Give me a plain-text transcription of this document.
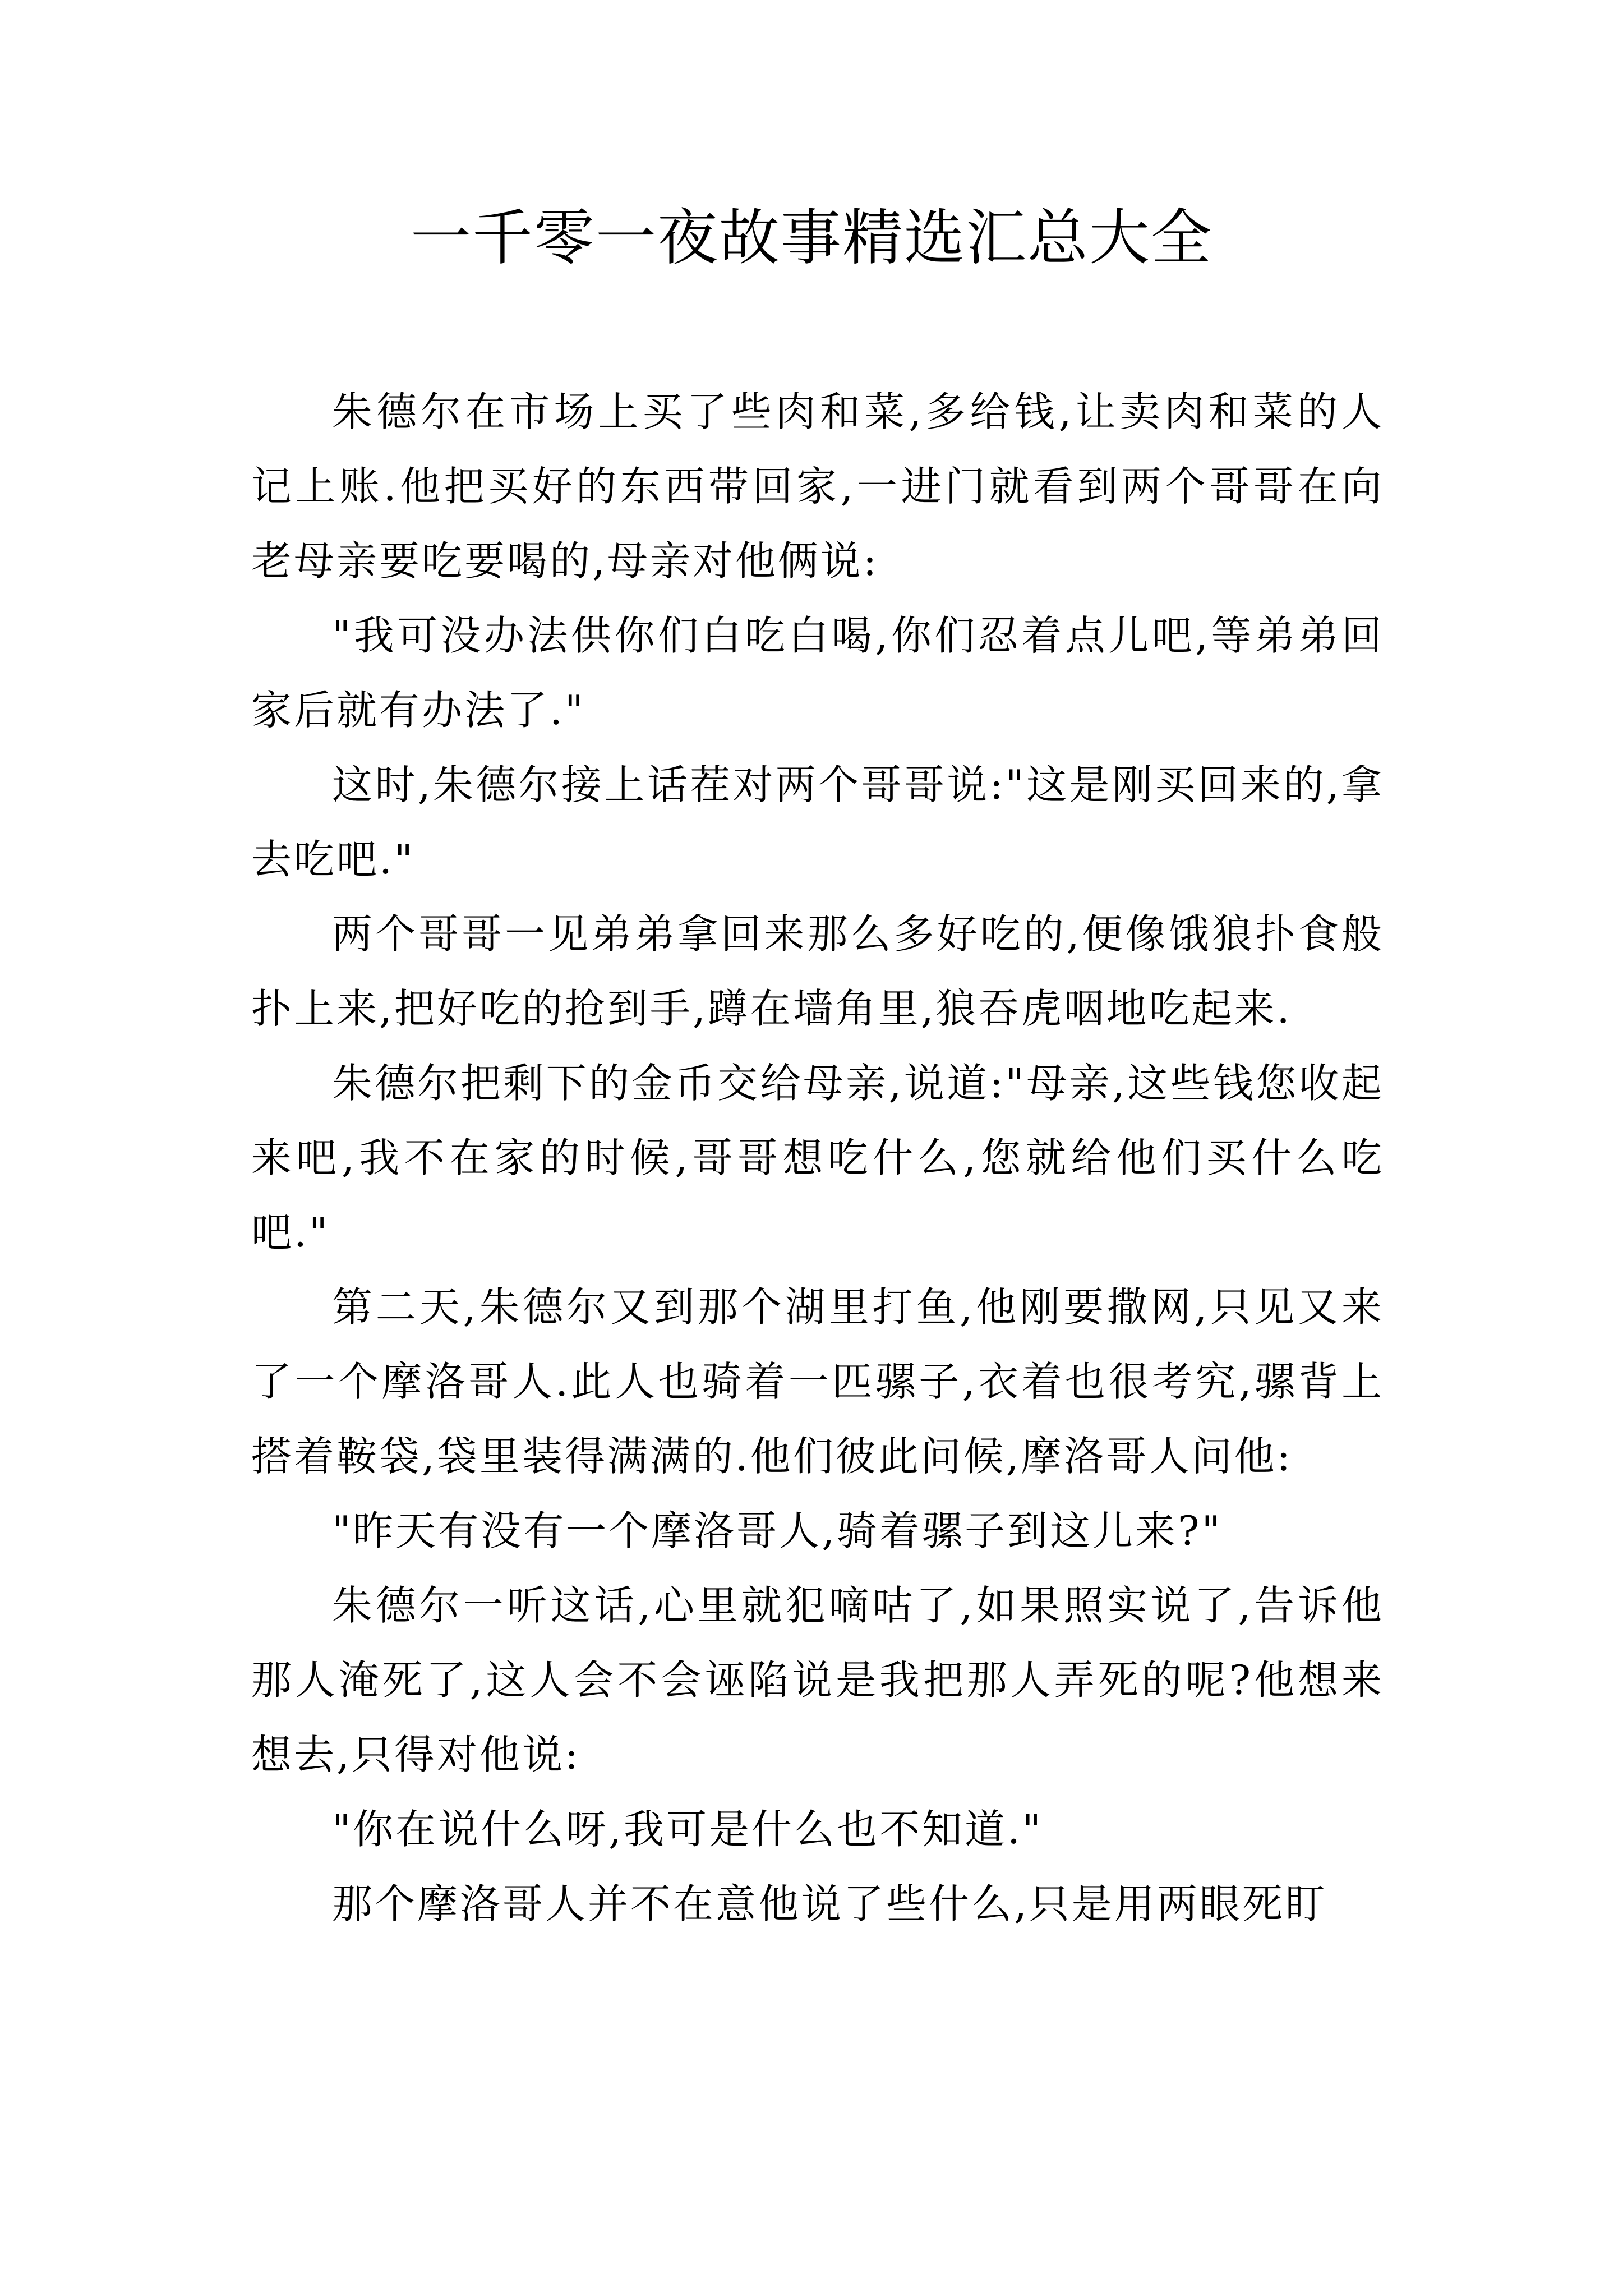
一千零一夜故事精选汇总大全

朱德尔在市场上买了些肉和菜,多给钱,让卖肉和菜的人记上账.他把买好的东西带回家,一进门就看到两个哥哥在向老母亲要吃要喝的,母亲对他俩说:

"我可没办法供你们白吃白喝,你们忍着点儿吧,等弟弟回家后就有办法了."

这时,朱德尔接上话茬对两个哥哥说:"这是刚买回来的,拿去吃吧."

两个哥哥一见弟弟拿回来那么多好吃的,便像饿狼扑食般扑上来,把好吃的抢到手,蹲在墙角里,狼吞虎咽地吃起来.

朱德尔把剩下的金币交给母亲,说道:"母亲,这些钱您收起来吧,我不在家的时候,哥哥想吃什么,您就给他们买什么吃吧."

第二天,朱德尔又到那个湖里打鱼,他刚要撒网,只见又来了一个摩洛哥人.此人也骑着一匹骡子,衣着也很考究,骡背上搭着鞍袋,袋里装得满满的.他们彼此问候,摩洛哥人问他:

"昨天有没有一个摩洛哥人,骑着骡子到这儿来?"

朱德尔一听这话,心里就犯嘀咕了,如果照实说了,告诉他那人淹死了,这人会不会诬陷说是我把那人弄死的呢?他想来想去,只得对他说:

"你在说什么呀,我可是什么也不知道."

那个摩洛哥人并不在意他说了些什么,只是用两眼死盯
